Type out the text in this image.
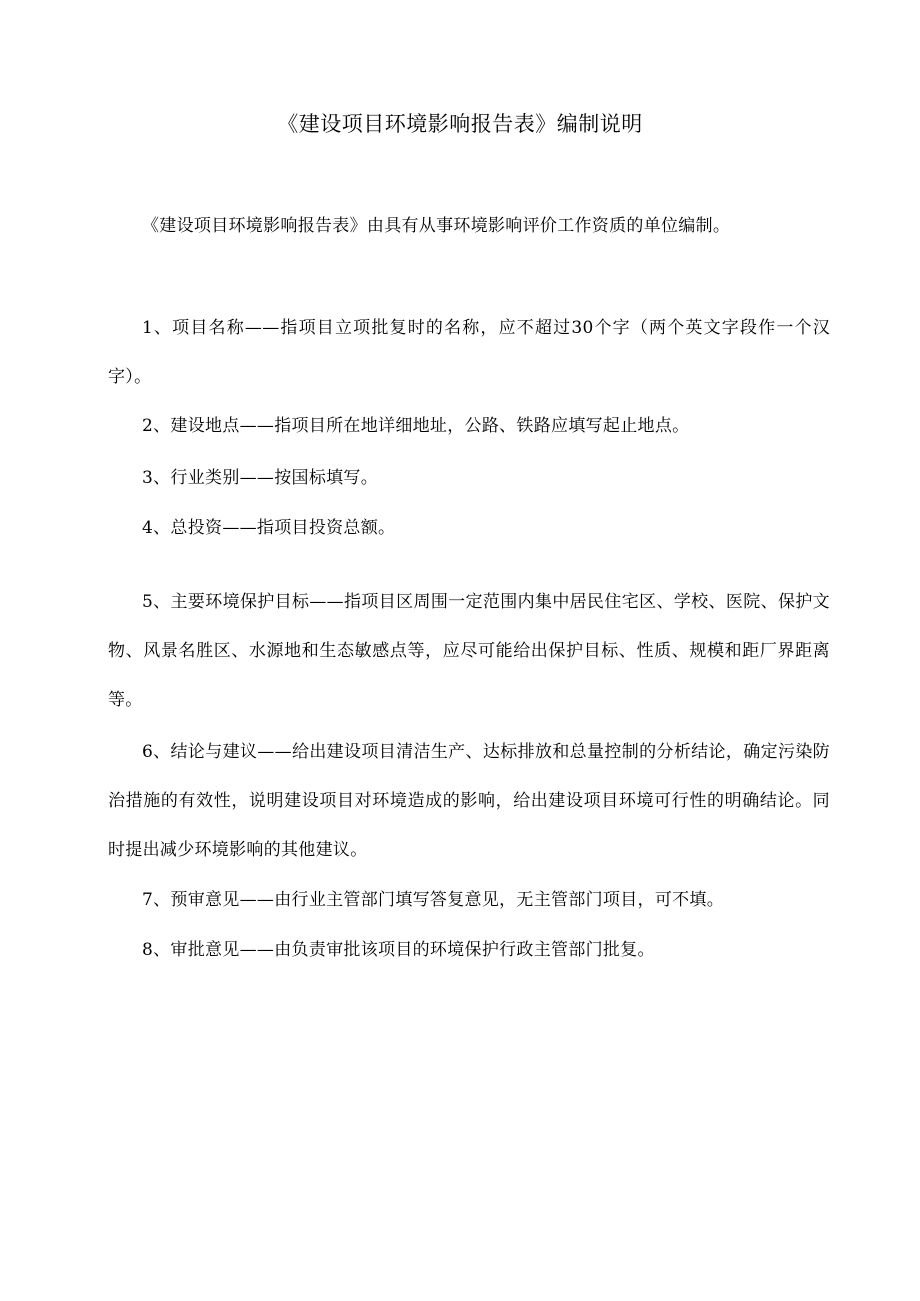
《建设项目环境影响报告表》编制说明

《建设项目环境影响报告表》由具有从事环境影响评价工作资质的单位编制。

1、项目名称——指项目立项批复时的名称，应不超过30个字（两个英文字段作一个汉字）。

2、建设地点——指项目所在地详细地址，公路、铁路应填写起止地点。

3、行业类别——按国标填写。

4、总投资——指项目投资总额。

5、主要环境保护目标——指项目区周围一定范围内集中居民住宅区、学校、医院、保护文物、风景名胜区、水源地和生态敏感点等，应尽可能给出保护目标、性质、规模和距厂界距离等。

6、结论与建议——给出建设项目清洁生产、达标排放和总量控制的分析结论，确定污染防治措施的有效性，说明建设项目对环境造成的影响，给出建设项目环境可行性的明确结论。同时提出减少环境影响的其他建议。

7、预审意见——由行业主管部门填写答复意见，无主管部门项目，可不填。

8、审批意见——由负责审批该项目的环境保护行政主管部门批复。
